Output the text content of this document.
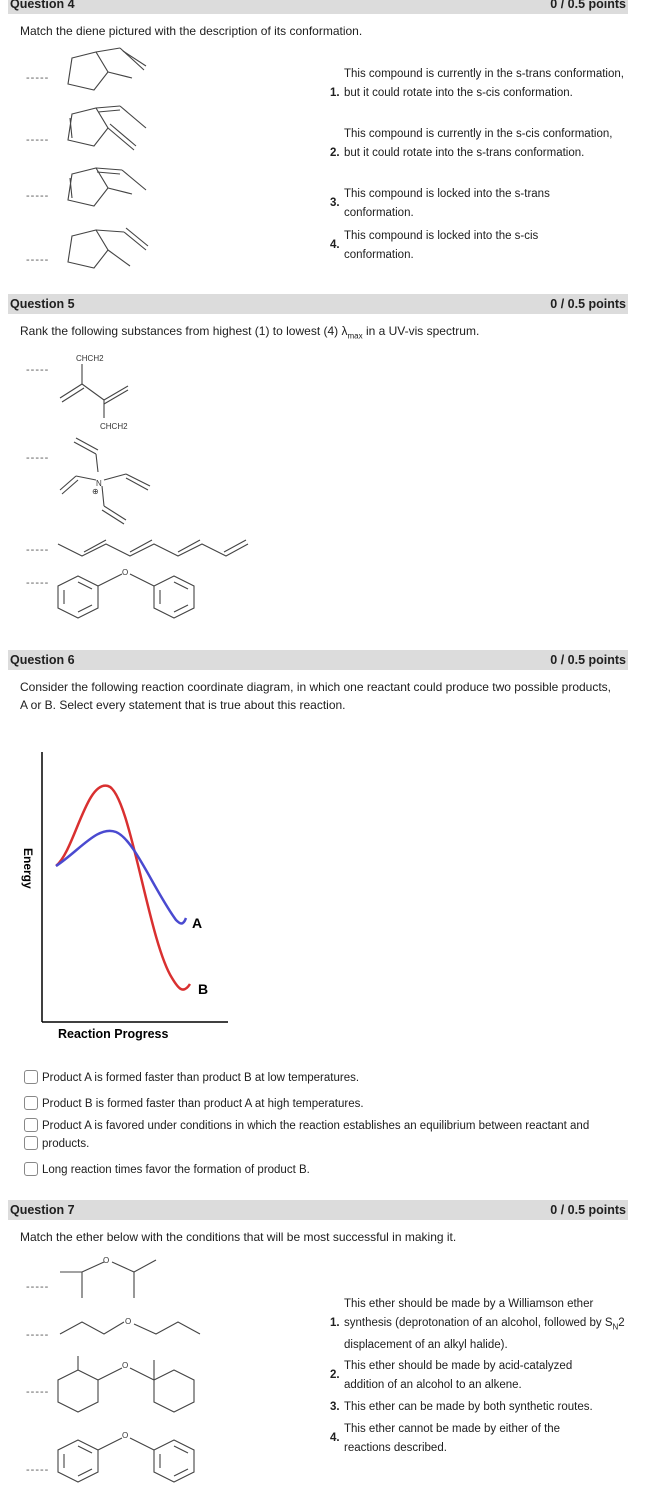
Question 4	0 / 0.5 points
Match the diene pictured with the description of its conformation.
-----
-----
-----
-----
1.
This compound is currently in the s-trans conformation, but it could rotate into the s-cis conformation.
2.
This compound is currently in the s-cis conformation, but it could rotate into the s-trans conformation.
3.
This compound is locked into the s-trans conformation.
4.
This compound is locked into the s-cis conformation.
Question 5	0 / 0.5 points
Rank the following substances from highest (1) to lowest (4) $\lambda_{max}$ in a UV-vis spectrum.
-----
-----
-----
-----
CHCH2
CHCH2
N
⊕
O
Question 6	0 / 0.5 points
Consider the following reaction coordinate diagram, in which one reactant could produce two possible products, A or B. Select every statement that is true about this reaction.
Energy
Reaction Progress
A
B
Product A is formed faster than product B at low temperatures.
Product B is formed faster than product A at high temperatures.
Product A is favored under conditions in which the reaction establishes an equilibrium between reactant and products.
Long reaction times favor the formation of product B.
Question 7	0 / 0.5 points
Match the ether below with the conditions that will be most successful in making it.
-----
-----
-----
-----
O
O
O
O
1.
This ether should be made by a Williamson ether synthesis (deprotonation of an alcohol, followed by $S_N2$ displacement of an alkyl halide).
2.
This ether should be made by acid-catalyzed addition of an alcohol to an alkene.
3. This ether can be made by both synthetic routes.
4.
This ether cannot be made by either of the reactions described.
